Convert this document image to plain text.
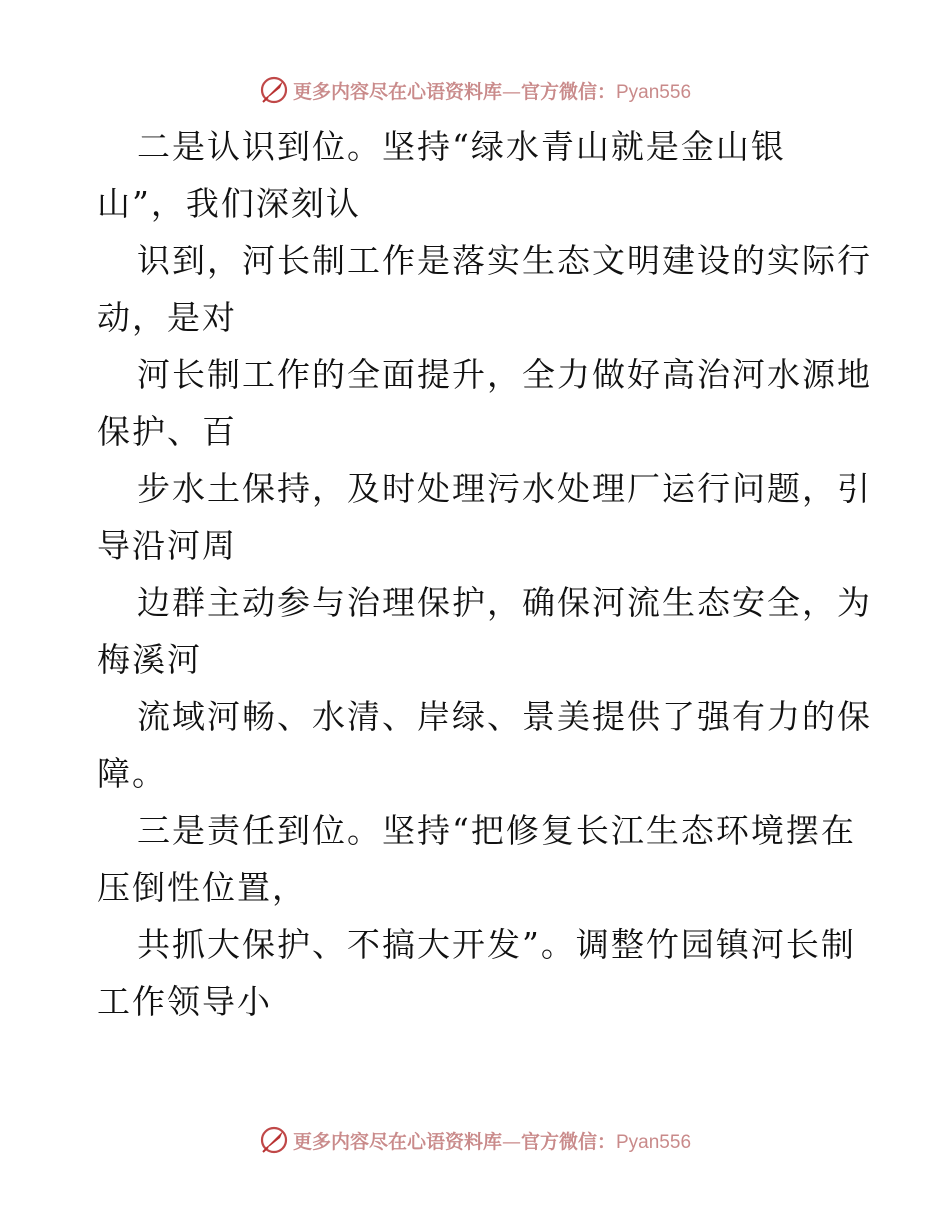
更多内容尽在心语资料库—官方微信：Pyan556
二是认识到位。坚持“绿水青山就是金山银
山”，我们深刻认
识到，河长制工作是落实生态文明建设的实际行
动，是对
河长制工作的全面提升，全力做好高治河水源地
保护、百
步水土保持，及时处理污水处理厂运行问题，引
导沿河周
边群主动参与治理保护，确保河流生态安全，为
梅溪河
流域河畅、水清、岸绿、景美提供了强有力的保
障。
三是责任到位。坚持“把修复长江生态环境摆在
压倒性位置，
共抓大保护、不搞大开发”。调整竹园镇河长制
工作领导小
更多内容尽在心语资料库—官方微信：Pyan556
